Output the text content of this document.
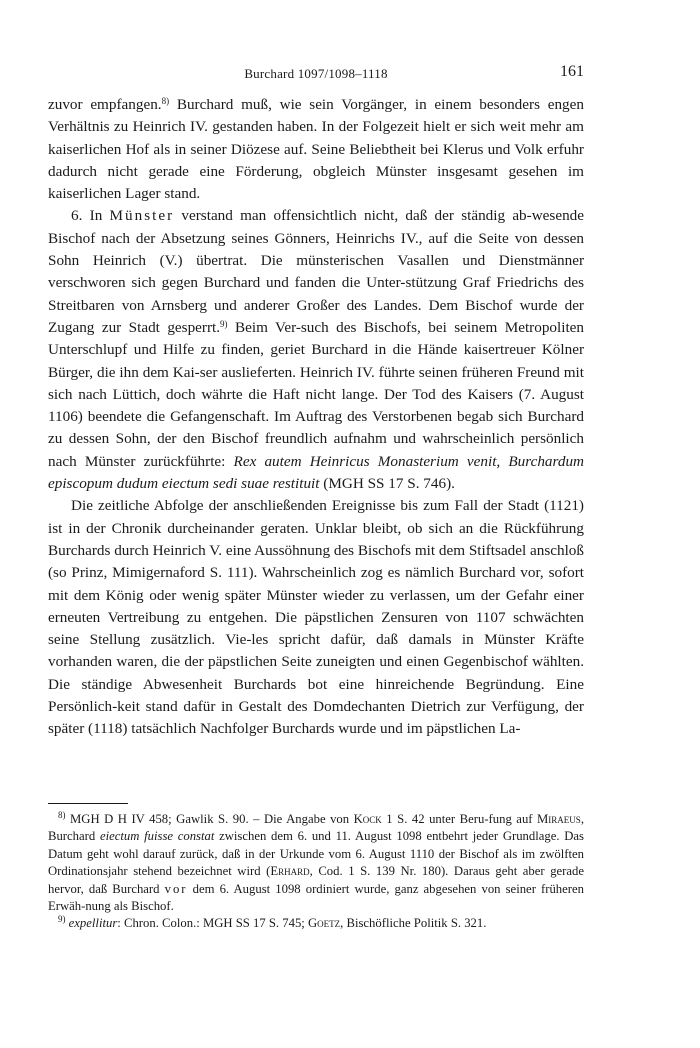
Burchard 1097/1098–1118	161

zuvor empfangen.$^{8)}$ Burchard muß, wie sein Vorgänger, in einem besonders engen Verhältnis zu Heinrich IV. gestanden haben. In der Folgezeit hielt er sich weit mehr am kaiserlichen Hof als in seiner Diözese auf. Seine Beliebtheit bei Klerus und Volk erfuhr dadurch nicht gerade eine Förderung, obgleich Münster insgesamt gesehen im kaiserlichen Lager stand.

6. In Münster verstand man offensichtlich nicht, daß der ständig ab-wesende Bischof nach der Absetzung seines Gönners, Heinrichs IV., auf die Seite von dessen Sohn Heinrich (V.) übertrat. Die münsterischen Vasallen und Dienstmänner verschworen sich gegen Burchard und fanden die Unter-stützung Graf Friedrichs des Streitbaren von Arnsberg und anderer Großer des Landes. Dem Bischof wurde der Zugang zur Stadt gesperrt.$^{9)}$ Beim Ver-such des Bischofs, bei seinem Metropoliten Unterschlupf und Hilfe zu finden, geriet Burchard in die Hände kaisertreuer Kölner Bürger, die ihn dem Kai-ser auslieferten. Heinrich IV. führte seinen früheren Freund mit sich nach Lüttich, doch währte die Haft nicht lange. Der Tod des Kaisers (7. August 1106) beendete die Gefangenschaft. Im Auftrag des Verstorbenen begab sich Burchard zu dessen Sohn, der den Bischof freundlich aufnahm und wahrscheinlich persönlich nach Münster zurückführte: Rex autem Heinricus Monasterium venit, Burchardum episcopum dudum eiectum sedi suae restituit (MGH SS 17 S. 746).

Die zeitliche Abfolge der anschließenden Ereignisse bis zum Fall der Stadt (1121) ist in der Chronik durcheinander geraten. Unklar bleibt, ob sich an die Rückführung Burchards durch Heinrich V. eine Aussöhnung des Bischofs mit dem Stiftsadel anschloß (so Prinz, Mimigernaford S. 111). Wahrscheinlich zog es nämlich Burchard vor, sofort mit dem König oder wenig später Münster wieder zu verlassen, um der Gefahr einer erneuten Vertreibung zu entgehen. Die päpstlichen Zensuren von 1107 schwächten seine Stellung zusätzlich. Vie-les spricht dafür, daß damals in Münster Kräfte vorhanden waren, die der päpstlichen Seite zuneigten und einen Gegenbischof wählten. Die ständige Abwesenheit Burchards bot eine hinreichende Begründung. Eine Persönlich-keit stand dafür in Gestalt des Domdechanten Dietrich zur Verfügung, der später (1118) tatsächlich Nachfolger Burchards wurde und im päpstlichen La-

$^{8)}$ MGH D H IV 458; Gawlik S. 90. – Die Angabe von Kock 1 S. 42 unter Beru-fung auf Miraeus, Burchard eiectum fuisse constat zwischen dem 6. und 11. August 1098 entbehrt jeder Grundlage. Das Datum geht wohl darauf zurück, daß in der Urkunde vom 6. August 1110 der Bischof als im zwölften Ordinationsjahr stehend bezeichnet wird (Erhard, Cod. 1 S. 139 Nr. 180). Daraus geht aber gerade hervor, daß Burchard vor dem 6. August 1098 ordiniert wurde, ganz abgesehen von seiner früheren Erwäh-nung als Bischof.

$^{9)}$ expellitur: Chron. Colon.: MGH SS 17 S. 745; Goetz, Bischöfliche Politik S. 321.
